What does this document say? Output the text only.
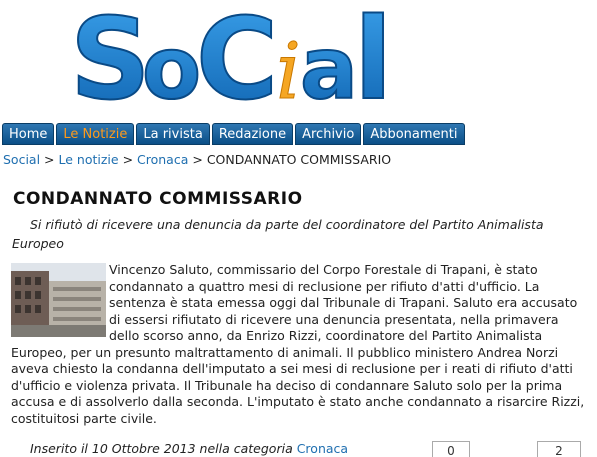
S
o
C
i a
l
Home	Le Notizie	La rivista	Redazione	Archivio	Abbonamenti
Social > Le notizie > Cronaca > CONDANNATO COMMISSARIO
CONDANNATO COMMISSARIO
Si rifiutò di ricevere una denuncia da parte del coordinatore del Partito Animalista Europeo
Vincenzo Saluto, commissario del Corpo Forestale di Trapani, è stato condannato a quattro mesi di reclusione per rifiuto d'atti d'ufficio. La sentenza è stata emessa oggi dal Tribunale di Trapani. Saluto era accusato di essersi rifiutato di ricevere una denuncia presentata, nella primavera dello scorso anno, da Enrizo Rizzi, coordinatore del Partito Animalista Europeo, per un presunto maltrattamento di animali. Il pubblico ministero Andrea Norzi aveva chiesto la condanna dell'imputato a sei mesi di reclusione per i reati di rifiuto d'atti d'ufficio e violenza privata. Il Tribunale ha deciso di condannare Saluto solo per la prima accusa e di assolverlo dalla seconda. L'imputato è stato anche condannato a risarcire Rizzi, costituitosi parte civile.
Inserito il 10 Ottobre 2013 nella categoria Cronaca	0	2
